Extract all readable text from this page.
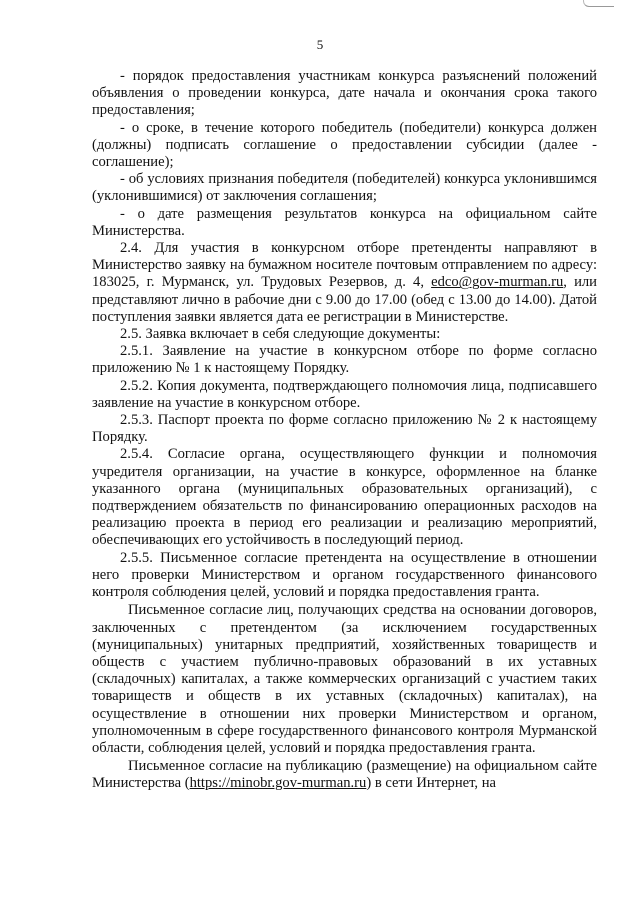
5

- порядок предоставления участникам конкурса разъяснений положений объявления о проведении конкурса, дате начала и окончания срока такого предоставления;

- о сроке, в течение которого победитель (победители) конкурса должен (должны) подписать соглашение о предоставлении субсидии (далее - соглашение);

- об условиях признания победителя (победителей) конкурса уклонившимся (уклонившимися) от заключения соглашения;

- о дате размещения результатов конкурса на официальном сайте Министерства.

2.4. Для участия в конкурсном отборе претенденты направляют в Министерство заявку на бумажном носителе почтовым отправлением по адресу: 183025, г. Мурманск, ул. Трудовых Резервов, д. 4, edco@gov-murman.ru, или представляют лично в рабочие дни с 9.00 до 17.00 (обед с 13.00 до 14.00). Датой поступления заявки является дата ее регистрации в Министерстве.

2.5. Заявка включает в себя следующие документы:

2.5.1. Заявление на участие в конкурсном отборе по форме согласно приложению № 1 к настоящему Порядку.

2.5.2. Копия документа, подтверждающего полномочия лица, подписавшего заявление на участие в конкурсном отборе.

2.5.3. Паспорт проекта по форме согласно приложению № 2 к настоящему Порядку.

2.5.4. Согласие органа, осуществляющего функции и полномочия учредителя организации, на участие в конкурсе, оформленное на бланке указанного органа (муниципальных образовательных организаций), с подтверждением обязательств по финансированию операционных расходов на реализацию проекта в период его реализации и реализацию мероприятий, обеспечивающих его устойчивость в последующий период.

2.5.5. Письменное согласие претендента на осуществление в отношении него проверки Министерством и органом государственного финансового контроля соблюдения целей, условий и порядка предоставления гранта.

Письменное согласие лиц, получающих средства на основании договоров, заключенных с претендентом (за исключением государственных (муниципальных) унитарных предприятий, хозяйственных товариществ и обществ с участием публично-правовых образований в их уставных (складочных) капиталах, а также коммерческих организаций с участием таких товариществ и обществ в их уставных (складочных) капиталах), на осуществление в отношении них проверки Министерством и органом, уполномоченным в сфере государственного финансового контроля Мурманской области, соблюдения целей, условий и порядка предоставления гранта.

Письменное согласие на публикацию (размещение) на официальном сайте Министерства (https://minobr.gov-murman.ru) в сети Интернет, на
